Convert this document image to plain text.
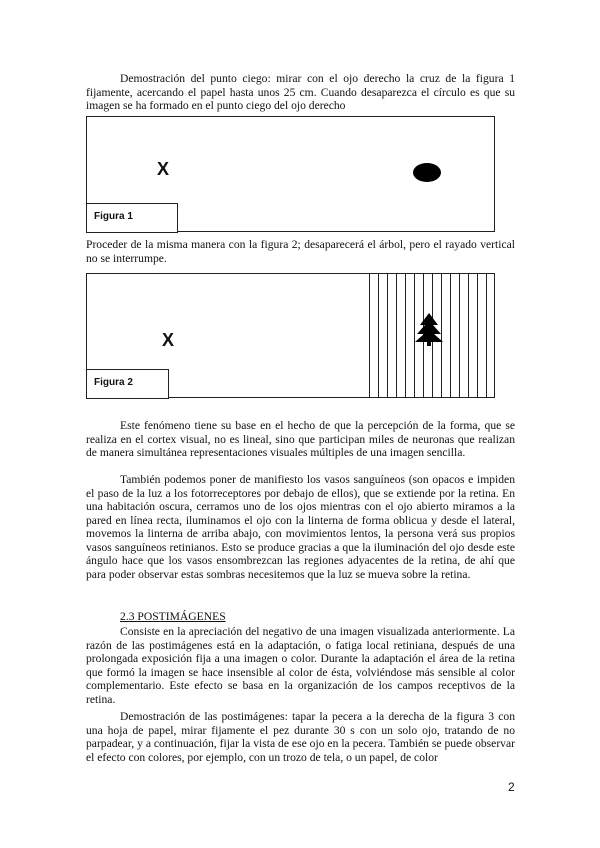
Demostración del punto ciego: mirar con el ojo derecho la cruz de la figura 1 fijamente, acercando el papel hasta unos 25 cm. Cuando desaparezca el círculo es que su imagen se ha formado en el punto ciego del ojo derecho

X
Figura 1

Proceder de la misma manera con la figura 2; desaparecerá el árbol, pero el rayado vertical no se interrumpe.

X
Figura 2

Este fenómeno tiene su base en el hecho de que la percepción de la forma, que se realiza en el cortex visual, no es lineal, sino que participan miles de neuronas que realizan de manera simultánea representaciones visuales múltiples de una imagen sencilla.

También podemos poner de manifiesto los vasos sanguíneos (son opacos e impiden el paso de la luz a los fotorreceptores por debajo de ellos), que se extiende por la retina. En una habitación oscura, cerramos uno de los ojos mientras con el ojo abierto miramos a la pared en línea recta, iluminamos el ojo con la linterna de forma oblicua y desde el lateral, movemos la linterna de arriba abajo, con movimientos lentos, la persona verá sus propios vasos sanguíneos retinianos. Esto se produce gracias a que la iluminación del ojo desde este ángulo hace que los vasos ensombrezcan las regiones adyacentes de la retina, de ahí que para poder observar estas sombras necesitemos que la luz se mueva sobre la retina.

2.3 POSTIMÁGENES

Consiste en la apreciación del negativo de una imagen visualizada anteriormente. La razón de las postimágenes está en la adaptación, o fatiga local retiniana, después de una prolongada exposición fija a una imagen o color. Durante la adaptación el área de la retina que formó la imagen se hace insensible al color de ésta, volviéndose más sensible al color complementario. Este efecto se basa en la organización de los campos receptivos de la retina.

Demostración de las postimágenes: tapar la pecera a la derecha de la figura 3 con una hoja de papel, mirar fijamente el pez durante 30 s con un solo ojo, tratando de no parpadear, y a continuación, fijar la vista de ese ojo en la pecera. También se puede observar el efecto con colores, por ejemplo, con un trozo de tela, o un papel, de color

2
